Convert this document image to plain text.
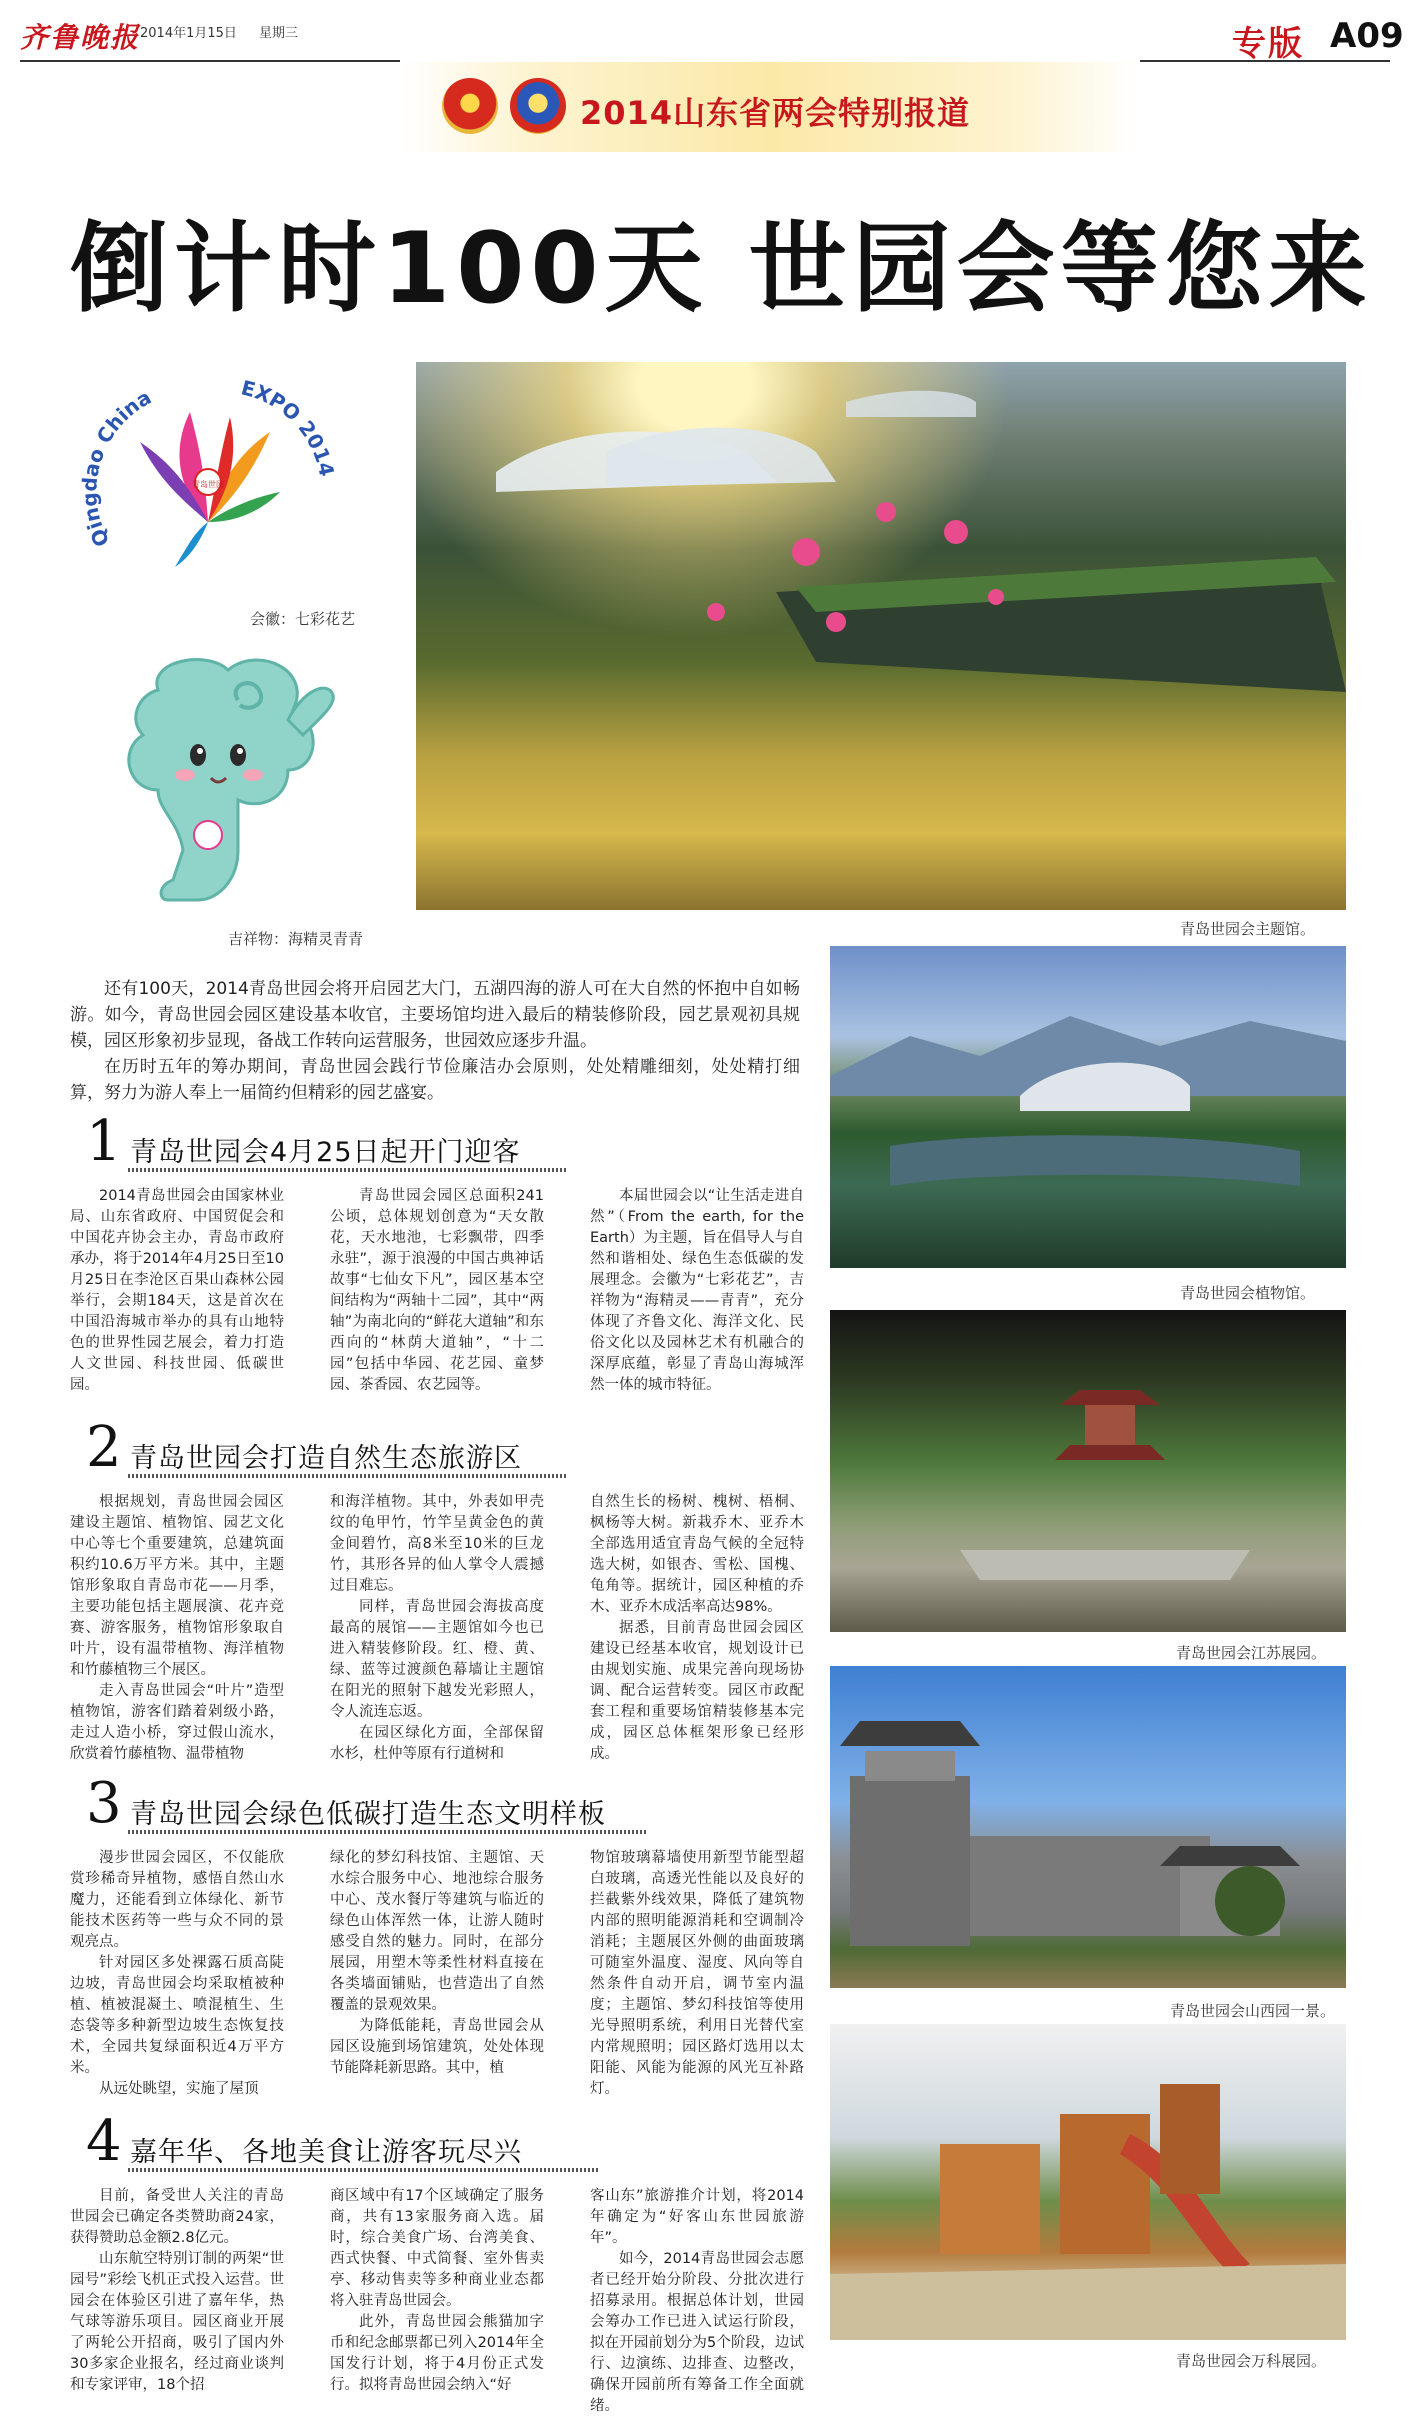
齐鲁晚报 2014年1月15日 星期三	专版 A09
2014山东省两会特别报道
倒计时100天 世园会等您来
Qin ao China	EXPO 2014
青岛世园
会徽：七彩花艺
吉祥物：海精灵青青
青岛世园会主题馆。
青岛世园会植物馆。
青岛世园会江苏展园。
青岛世园会山西园一景。
青岛世园会万科展园。

还有100天，2014青岛世园会将开启园艺大门，五湖四海的游人可在大自然的怀抱中自如畅游。如今，青岛世园会园区建设基本收官，主要场馆均进入最后的精装修阶段，园艺景观初具规模，园区形象初步显现，备战工作转向运营服务，世园效应逐步升温。

在历时五年的筹办期间，青岛世园会践行节俭廉洁办会原则，处处精雕细刻，处处精打细算，努力为游人奉上一届简约但精彩的园艺盛宴。

1 青岛世园会4月25日起开门迎客

2014青岛世园会由国家林业局、山东省政府、中国贸促会和中国花卉协会主办，青岛市政府承办，将于2014年4月25日至10月25日在李沧区百果山森林公园举行，会期184天，这是首次在中国沿海城市举办的具有山地特色的世界性园艺展会，着力打造人文世园、科技世园、低碳世园。

青岛世园会园区总面积241公顷，总体规划创意为“天女散花，天水地池，七彩飘带，四季永驻”，源于浪漫的中国古典神话故事“七仙女下凡”，园区基本空间结构为“两轴十二园”，其中“两轴”为南北向的“鲜花大道轴”和东西向的“林荫大道轴”，“十二园”包括中华园、花艺园、童梦园、茶香园、农艺园等。

本届世园会以“让生活走进自然”（From the earth, for the Earth）为主题，旨在倡导人与自然和谐相处、绿色生态低碳的发展理念。会徽为“七彩花艺”，吉祥物为“海精灵——青青”，充分体现了齐鲁文化、海洋文化、民俗文化以及园林艺术有机融合的深厚底蕴，彰显了青岛山海城浑然一体的城市特征。

2 青岛世园会打造自然生态旅游区

根据规划，青岛世园会园区建设主题馆、植物馆、园艺文化中心等七个重要建筑，总建筑面积约10.6万平方米。其中，主题馆形象取自青岛市花——月季，主要功能包括主题展演、花卉竞赛、游客服务，植物馆形象取自叶片，设有温带植物、海洋植物和竹藤植物三个展区。

走入青岛世园会“叶片”造型植物馆，游客们踏着剁级小路，走过人造小桥，穿过假山流水，欣赏着竹藤植物、温带植物

和海洋植物。其中，外表如甲壳纹的龟甲竹，竹竿呈黄金色的黄金间碧竹，高8米至10米的巨龙竹，其形各异的仙人掌令人震撼过目难忘。

同样，青岛世园会海拔高度最高的展馆——主题馆如今也已进入精装修阶段。红、橙、黄、绿、蓝等过渡颜色幕墙让主题馆在阳光的照射下越发光彩照人，令人流连忘返。

在园区绿化方面，全部保留水杉，杜仲等原有行道树和

自然生长的杨树、槐树、梧桐、枫杨等大树。新栽乔木、亚乔木全部选用适宜青岛气候的全冠特选大树，如银杏、雪松、国槐、龟角等。据统计，园区种植的乔木、亚乔木成活率高达98%。

据悉，目前青岛世园会园区建设已经基本收官，规划设计已由规划实施、成果完善向现场协调、配合运营转变。园区市政配套工程和重要场馆精装修基本完成，园区总体框架形象已经形成。

3 青岛世园会绿色低碳打造生态文明样板

漫步世园会园区，不仅能欣赏珍稀奇异植物，感悟自然山水魔力，还能看到立体绿化、新节能技术医药等一些与众不同的景观亮点。

针对园区多处裸露石质高陡边坡，青岛世园会均采取植被种植、植被混凝土、喷混植生、生态袋等多种新型边坡生态恢复技术，全园共复绿面积近4万平方米。

从远处眺望，实施了屋顶

绿化的梦幻科技馆、主题馆、天水综合服务中心、地池综合服务中心、茂水餐厅等建筑与临近的绿色山体浑然一体，让游人随时感受自然的魅力。同时，在部分展园，用塑木等柔性材料直接在各类墙面铺贴，也营造出了自然覆盖的景观效果。

为降低能耗，青岛世园会从园区设施到场馆建筑，处处体现节能降耗新思路。其中，植

物馆玻璃幕墙使用新型节能型超白玻璃，高透光性能以及良好的拦截紫外线效果，降低了建筑物内部的照明能源消耗和空调制冷消耗；主题展区外侧的曲面玻璃可随室外温度、湿度、风向等自然条件自动开启，调节室内温度；主题馆、梦幻科技馆等使用光导照明系统，利用日光替代室内常规照明；园区路灯选用以太阳能、风能为能源的风光互补路灯。

4 嘉年华、各地美食让游客玩尽兴

目前，备受世人关注的青岛世园会已确定各类赞助商24家，获得赞助总金额2.8亿元。

山东航空特别订制的两架“世园号”彩绘飞机正式投入运营。世园会在体验区引进了嘉年华，热气球等游乐项目。园区商业开展了两轮公开招商，吸引了国内外30多家企业报名，经过商业谈判和专家评审，18个招

商区域中有17个区域确定了服务商，共有13家服务商入选。届时，综合美食广场、台湾美食、西式快餐、中式简餐、室外售卖亭、移动售卖等多种商业业态都将入驻青岛世园会。

此外，青岛世园会熊猫加字币和纪念邮票都已列入2014年全国发行计划，将于4月份正式发行。拟将青岛世园会纳入“好

客山东”旅游推介计划，将2014年确定为“好客山东世园旅游年”。

如今，2014青岛世园会志愿者已经开始分阶段、分批次进行招募录用。根据总体计划，世园会筹办工作已进入试运行阶段，拟在开园前划分为5个阶段，边试行、边演练、边排查、边整改，确保开园前所有筹备工作全面就绪。
